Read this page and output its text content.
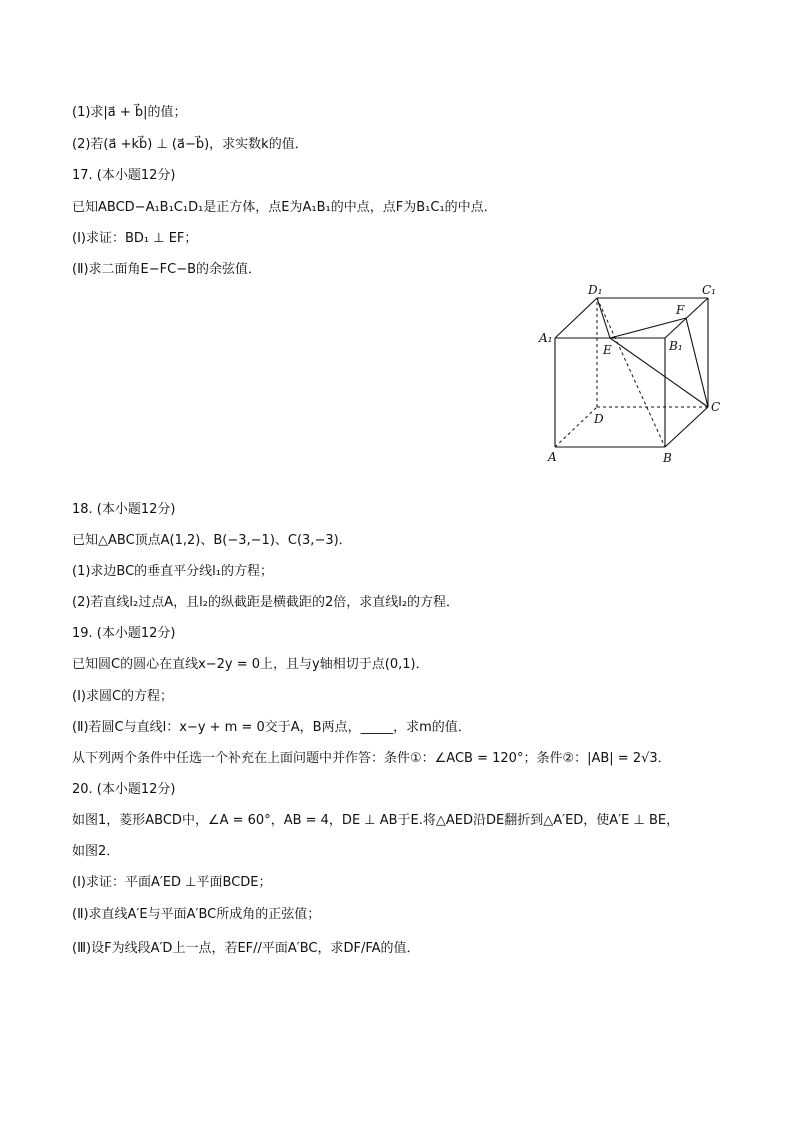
(1)求|a⃗ + b⃗|的值；
(2)若(a⃗ +kb⃗) ⊥ (a⃗−b⃗)，求实数k的值．
17. (本小题12分)
已知ABCD−A₁B₁C₁D₁是正方体，点E为A₁B₁的中点，点F为B₁C₁的中点．
(Ⅰ)求证：BD₁ ⊥ EF；
(Ⅱ)求二面角E−FC−B的余弦值．
D₁	C₁
F
A₁
E	B₁
C
D
A	B
18. (本小题12分)
已知△ABC顶点A(1,2)、B(−3,−1)、C(3,−3)．
(1)求边BC的垂直平分线l₁的方程；
(2)若直线l₂过点A，且l₂的纵截距是横截距的2倍，求直线l₂的方程．
19. (本小题12分)
已知圆C的圆心在直线x−2y = 0上，且与y轴相切于点(0,1)．
(Ⅰ)求圆C的方程；
(Ⅱ)若圆C与直线l：x−y + m = 0交于A，B两点，_____，求m的值．
从下列两个条件中任选一个补充在上面问题中并作答：条件①：∠ACB = 120°；条件②：|AB| = 2√3．
20. (本小题12分)
如图1，菱形ABCD中，∠A = 60°，AB = 4，DE ⊥ AB于E.将△AED沿DE翻折到△A′ED，使A′E ⊥ BE，
如图2．
(Ⅰ)求证：平面A′ED ⊥平面BCDE；
(Ⅱ)求直线A′E与平面A′BC所成角的正弦值；
(Ⅲ)设F为线段A′D上一点，若EF//平面A′BC，求DF/FA的值．
